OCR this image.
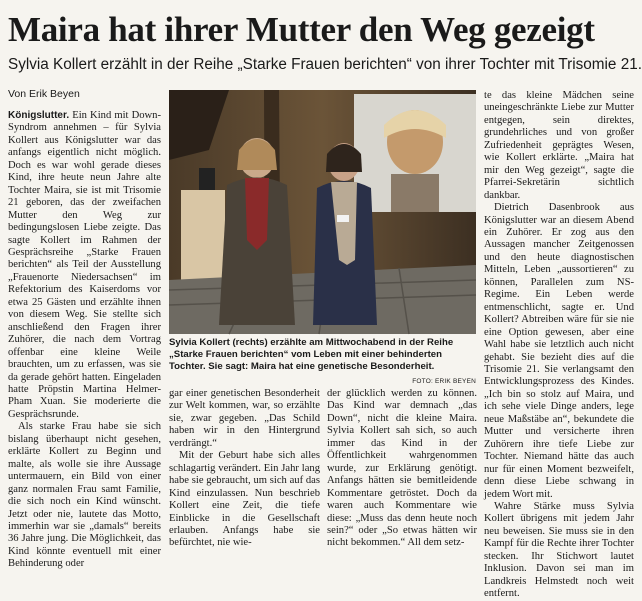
Maira hat ihrer Mutter den Weg gezeigt
Sylvia Kollert erzählt in der Reihe „Starke Frauen berichten“ von ihrer Tochter mit Trisomie 21.
Von Erik Beyen

Königslutter. Ein Kind mit Down-Syndrom annehmen – für Sylvia Kollert aus Königslutter war das anfangs eigentlich nicht möglich. Doch es war wohl gerade dieses Kind, ihre heute neun Jahre alte Tochter Maira, sie ist mit Trisomie 21 geboren, das der zweifachen Mutter den Weg zur bedingungslosen Liebe zeigte. Das sagte Kollert im Rahmen der Gesprächsreihe „Starke Frauen berichten“ als Teil der Ausstellung „Frauenorte Niedersachsen“ im Refektorium des Kaiserdoms vor etwa 25 Gästen und erzählte ihnen von diesem Weg. Sie stellte sich anschließend den Fragen ihrer Zuhörer, die nach dem Vortrag offenbar eine kleine Weile brauchten, um zu erfassen, was sie da gerade gehört hatten. Eingeladen hatte Pröpstin Martina Helmer-Pham Xuan. Sie moderierte die Gesprächsrunde.

Als starke Frau habe sie sich bislang überhaupt nicht gesehen, erklärte Kollert zu Beginn und malte, als wolle sie ihre Aussage untermauern, ein Bild von einer ganz normalen Frau samt Familie, die sich noch ein Kind wünscht. Jetzt oder nie, lautete das Motto, immerhin war sie „damals“ bereits 36 Jahre jung. Die Möglichkeit, das Kind könnte eventuell mit einer Behinderung oder

Sylvia Kollert (rechts) erzählte am Mittwochabend in der Reihe „Starke Frauen berichten“ vom Leben mit einer behinderten Tochter. Sie sagt: Maira hat eine genetische Besonderheit.
FOTO: ERIK BEYEN

gar einer genetischen Besonderheit zur Welt kommen, war, so erzählte sie, zwar gegeben. „Das Schild haben wir in den Hintergrund verdrängt.“

Mit der Geburt habe sich alles schlagartig verändert. Ein Jahr lang habe sie gebraucht, um sich auf das Kind einzulassen. Nun beschrieb Kollert eine Zeit, die tiefe Einblicke in die Gesellschaft erlauben. Anfangs habe sie befürchtet, nie wie-

der glücklich werden zu können. Das Kind war demnach „das Down“, nicht die kleine Maira. Sylvia Kollert sah sich, so auch immer das Kind in der Öffentlichkeit wahrgenommen wurde, zur Erklärung genötigt. Anfangs hätten sie bemitleidende Kommentare getröstet. Doch da waren auch Kommentare wie diese: „Muss das denn heute noch sein?“ oder „So etwas hätten wir nicht bekommen.“ All dem setz-

te das kleine Mädchen seine uneingeschränkte Liebe zur Mutter entgegen, sein direktes, grundehrliches und von großer Zufriedenheit geprägtes Wesen, wie Kollert erklärte. „Maira hat mir den Weg gezeigt“, sagte die Pfarrei-Sekretärin sichtlich dankbar.

Dietrich Dasenbrook aus Königslutter war an diesem Abend ein Zuhörer. Er zog aus den Aussagen mancher Zeitgenossen und den heute diagnostischen Mitteln, Leben „aussortieren“ zu können, Parallelen zum NS-Regime. Ein Leben werde entmenschlicht, sagte er. Und Kollert? Abtreiben wäre für sie nie eine Option gewesen, aber eine Wahl habe sie letztlich auch nicht gehabt. Sie bezieht dies auf die Trisomie 21. Sie verlangsamt den Entwicklungsprozess des Kindes. „Ich bin so stolz auf Maira, und ich sehe viele Dinge anders, lege neue Maßstäbe an“, bekundete die Mutter und versicherte ihren Zuhörern ihre tiefe Liebe zur Tochter. Niemand hätte das auch nur für einen Moment bezweifelt, denn diese Liebe schwang in jedem Wort mit.

Wahre Stärke muss Sylvia Kollert übrigens mit jedem Jahr neu beweisen. Sie muss sie in den Kampf für die Rechte ihrer Tochter stecken. Ihr Stichwort lautet Inklusion. Davon sei man im Landkreis Helmstedt noch weit entfernt.
